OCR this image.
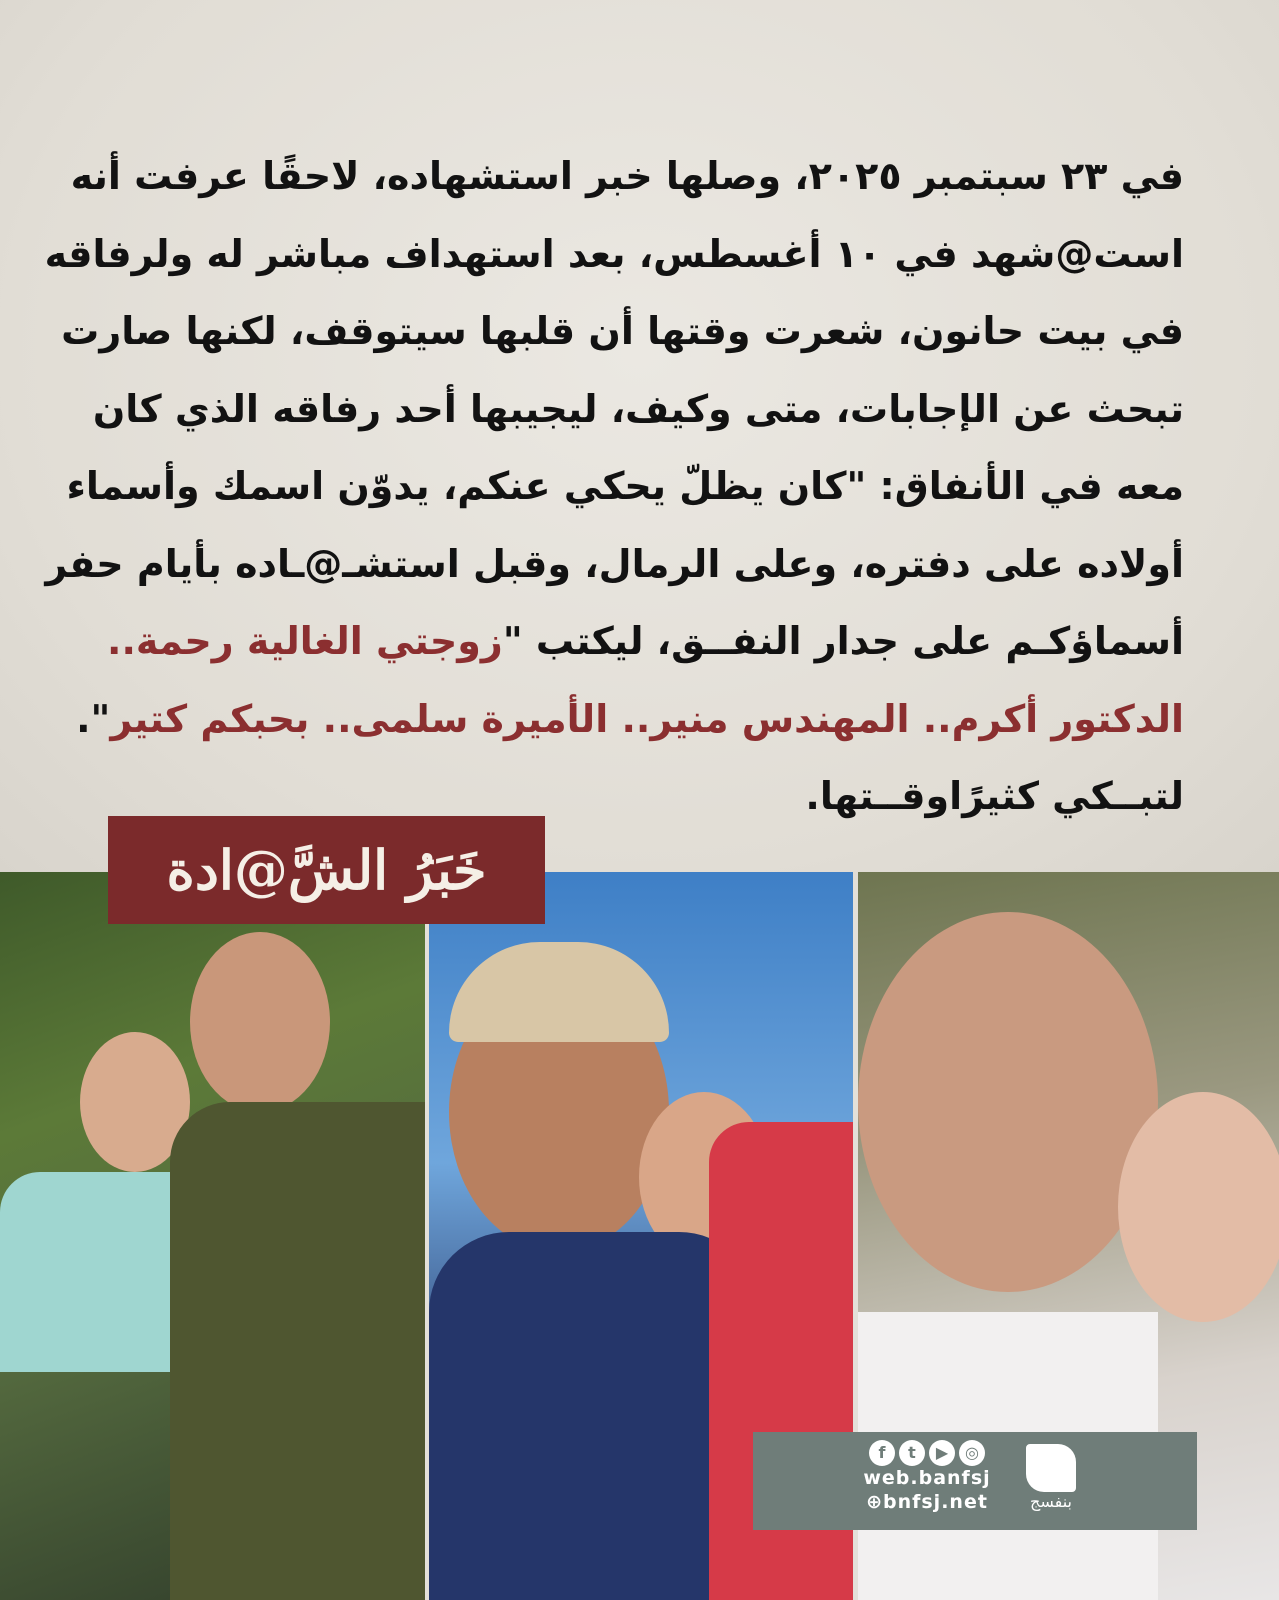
في ٢٣ سبتمبر ٢٠٢٥، وصلها خبر استشهاده، لاحقًا عرفت أنه
است@شهد في ١٠ أغسطس، بعد استهداف مباشر له ولرفاقه
في بيت حانون، شعرت وقتها أن قلبها سيتوقف، لكنها صارت
تبحث عن الإجابات، متى وكيف، ليجيبها أحد رفاقه الذي كان
معه في الأنفاق: "كان يظلّ يحكي عنكم، يدوّن اسمك وأسماء
أولاده على دفتره، وعلى الرمال، وقبل استشـ@ـاده بأيام حفر
أسماؤكـم على جدار النفــق، ليكتب "زوجتي الغالية رحمة..
الدكتور أكرم.. المهندس منير.. الأميرة سلمى.. بحبكم كتير".
لتبــكي كثيرًاوقــتها.
خَبَرُ الشَّ@ادة
f	t	▶	◎
web.banfsj
⊕bnfsj.net	بنفسج
